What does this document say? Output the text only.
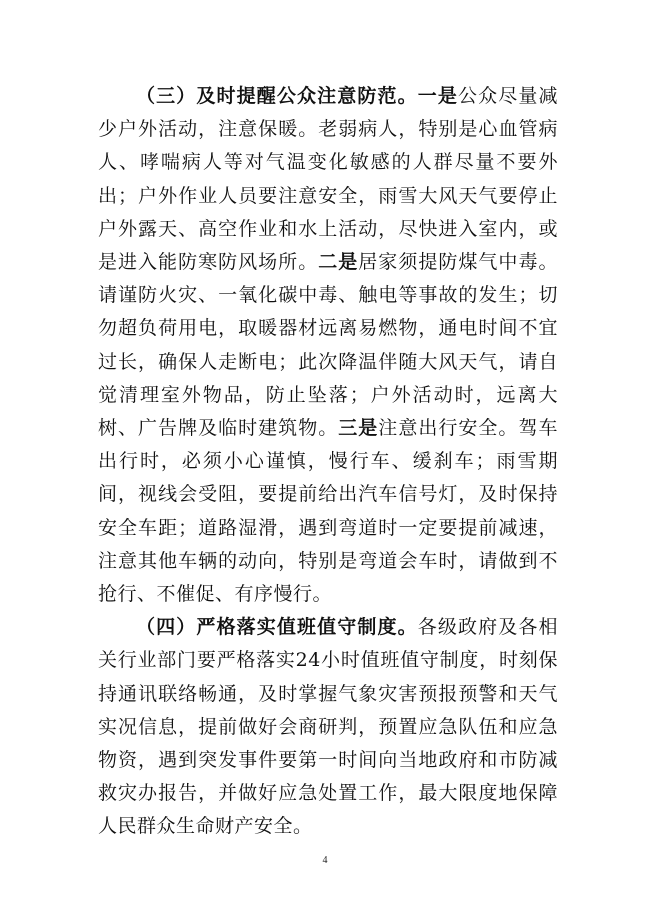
（三）及时提醒公众注意防范。一是公众尽量减少户外活动，注意保暖。老弱病人，特别是心血管病人、哮喘病人等对气温变化敏感的人群尽量不要外出；户外作业人员要注意安全，雨雪大风天气要停止户外露天、高空作业和水上活动，尽快进入室内，或是进入能防寒防风场所。二是居家须提防煤气中毒。请谨防火灾、一氧化碳中毒、触电等事故的发生；切勿超负荷用电，取暖器材远离易燃物，通电时间不宜过长，确保人走断电；此次降温伴随大风天气，请自觉清理室外物品，防止坠落；户外活动时，远离大树、广告牌及临时建筑物。三是注意出行安全。驾车出行时，必须小心谨慎，慢行车、缓刹车；雨雪期间，视线会受阻，要提前给出汽车信号灯，及时保持安全车距；道路湿滑，遇到弯道时一定要提前减速，注意其他车辆的动向，特别是弯道会车时，请做到不抢行、不催促、有序慢行。

（四）严格落实值班值守制度。各级政府及各相关行业部门要严格落实24小时值班值守制度，时刻保持通讯联络畅通，及时掌握气象灾害预报预警和天气实况信息，提前做好会商研判，预置应急队伍和应急物资，遇到突发事件要第一时间向当地政府和市防减救灾办报告，并做好应急处置工作，最大限度地保障人民群众生命财产安全。

4
